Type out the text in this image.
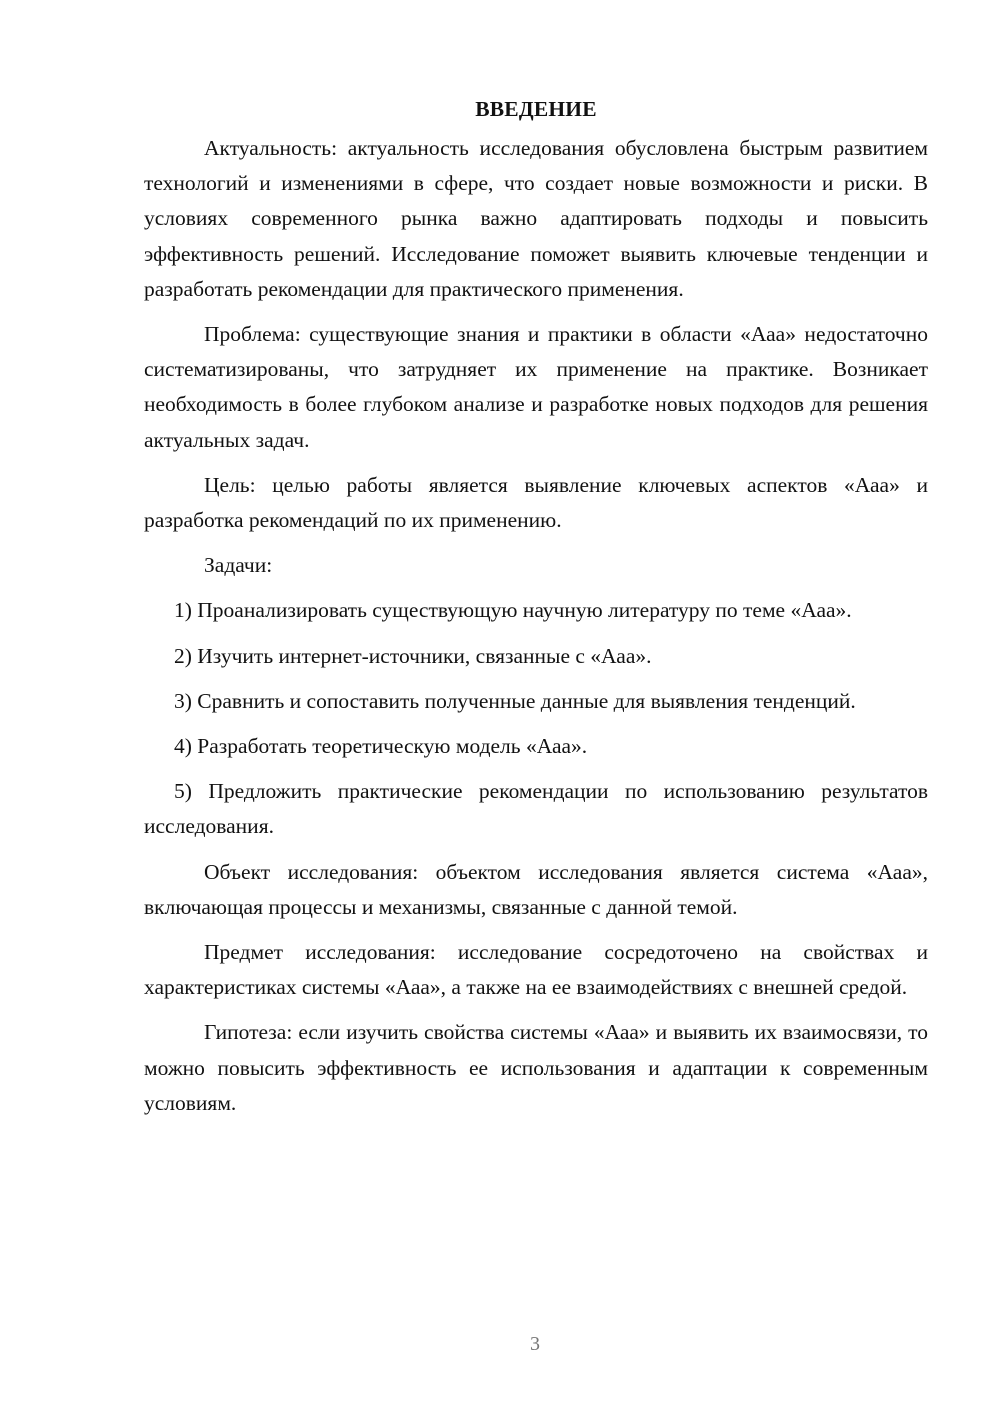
ВВЕДЕНИЕ

Актуальность: актуальность исследования обусловлена быстрым развитием технологий и изменениями в сфере, что создает новые возможности и риски. В условиях современного рынка важно адаптировать подходы и повысить эффективность решений. Исследование поможет выявить ключевые тенденции и разработать рекомендации для практического применения.

Проблема: существующие знания и практики в области «Ааа» недостаточно систематизированы, что затрудняет их применение на практике. Возникает необходимость в более глубоком анализе и разработке новых подходов для решения актуальных задач.

Цель: целью работы является выявление ключевых аспектов «Ааа» и разработка рекомендаций по их применению.

Задачи:

1) Проанализировать существующую научную литературу по теме «Ааа».

2) Изучить интернет-источники, связанные с «Ааа».

3) Сравнить и сопоставить полученные данные для выявления тенденций.

4) Разработать теоретическую модель «Ааа».

5) Предложить практические рекомендации по использованию результатов исследования.

Объект исследования: объектом исследования является система «Ааа», включающая процессы и механизмы, связанные с данной темой.

Предмет исследования: исследование сосредоточено на свойствах и характеристиках системы «Ааа», а также на ее взаимодействиях с внешней средой.

Гипотеза: если изучить свойства системы «Ааа» и выявить их взаимосвязи, то можно повысить эффективность ее использования и адаптации к современным условиям.

3
